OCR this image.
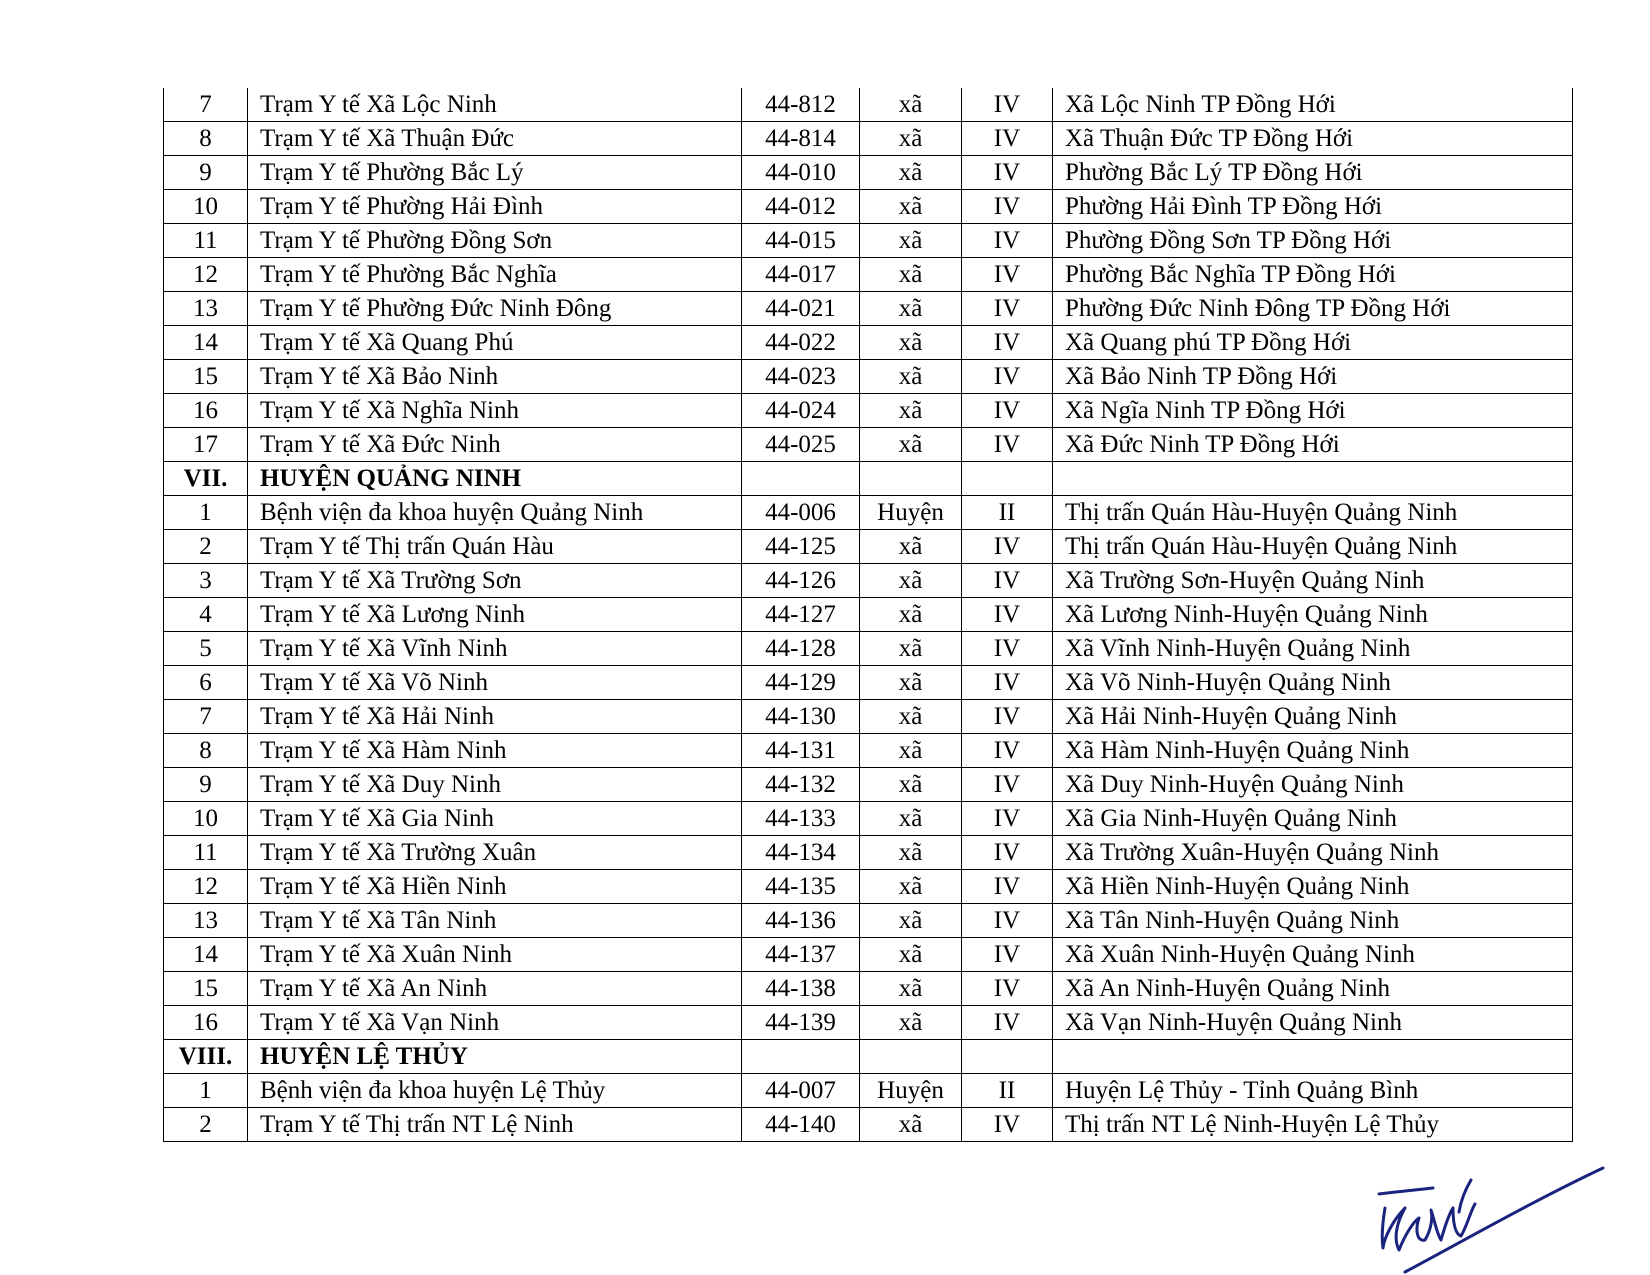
7	Trạm Y tế Xã Lộc Ninh	44-812	xã	IV	Xã Lộc Ninh TP Đồng Hới
8	Trạm Y tế Xã Thuận Đức	44-814	xã	IV	Xã Thuận Đức TP Đồng Hới
9	Trạm Y tế Phường Bắc Lý	44-010	xã	IV	Phường Bắc Lý TP Đồng Hới
10	Trạm Y tế Phường Hải Đình	44-012	xã	IV	Phường Hải Đình TP Đồng Hới
11	Trạm Y tế Phường Đồng Sơn	44-015	xã	IV	Phường Đồng Sơn TP Đồng Hới
12	Trạm Y tế Phường Bắc Nghĩa	44-017	xã	IV	Phường Bắc Nghĩa TP Đồng Hới
13	Trạm Y tế Phường Đức Ninh Đông	44-021	xã	IV	Phường Đức Ninh Đông TP Đồng Hới
14	Trạm Y tế Xã Quang Phú	44-022	xã	IV	Xã Quang phú TP Đồng Hới
15	Trạm Y tế Xã Bảo Ninh	44-023	xã	IV	Xã Bảo Ninh TP Đồng Hới
16	Trạm Y tế Xã Nghĩa Ninh	44-024	xã	IV	Xã Ngĩa Ninh TP Đồng Hới
17	Trạm Y tế Xã Đức Ninh	44-025	xã	IV	Xã Đức Ninh TP Đồng Hới
VII.	HUYỆN QUẢNG NINH				
1	Bệnh viện đa khoa huyện Quảng Ninh	44-006	Huyện	II	Thị trấn Quán Hàu-Huyện Quảng Ninh
2	Trạm Y tế Thị trấn Quán Hàu	44-125	xã	IV	Thị trấn Quán Hàu-Huyện Quảng Ninh
3	Trạm Y tế Xã Trường Sơn	44-126	xã	IV	Xã Trường Sơn-Huyện Quảng Ninh
4	Trạm Y tế Xã Lương Ninh	44-127	xã	IV	Xã Lương Ninh-Huyện Quảng Ninh
5	Trạm Y tế Xã Vĩnh Ninh	44-128	xã	IV	Xã Vĩnh Ninh-Huyện Quảng Ninh
6	Trạm Y tế Xã Võ Ninh	44-129	xã	IV	Xã Võ Ninh-Huyện Quảng Ninh
7	Trạm Y tế Xã Hải Ninh	44-130	xã	IV	Xã Hải Ninh-Huyện Quảng Ninh
8	Trạm Y tế Xã Hàm Ninh	44-131	xã	IV	Xã Hàm Ninh-Huyện Quảng Ninh
9	Trạm Y tế Xã Duy Ninh	44-132	xã	IV	Xã Duy Ninh-Huyện Quảng Ninh
10	Trạm Y tế Xã Gia Ninh	44-133	xã	IV	Xã Gia Ninh-Huyện Quảng Ninh
11	Trạm Y tế Xã Trường Xuân	44-134	xã	IV	Xã Trường Xuân-Huyện Quảng Ninh
12	Trạm Y tế Xã Hiền Ninh	44-135	xã	IV	Xã Hiền Ninh-Huyện Quảng Ninh
13	Trạm Y tế Xã Tân Ninh	44-136	xã	IV	Xã Tân Ninh-Huyện Quảng Ninh
14	Trạm Y tế Xã Xuân Ninh	44-137	xã	IV	Xã Xuân Ninh-Huyện Quảng Ninh
15	Trạm Y tế Xã An Ninh	44-138	xã	IV	Xã An Ninh-Huyện Quảng Ninh
16	Trạm Y tế Xã Vạn Ninh	44-139	xã	IV	Xã Vạn Ninh-Huyện Quảng Ninh
VIII.	HUYỆN LỆ THỦY				
1	Bệnh viện đa khoa huyện Lệ Thủy	44-007	Huyện	II	Huyện Lệ Thủy - Tỉnh Quảng Bình
2	Trạm Y tế Thị trấn NT Lệ Ninh	44-140	xã	IV	Thị trấn NT Lệ Ninh-Huyện Lệ Thủy
